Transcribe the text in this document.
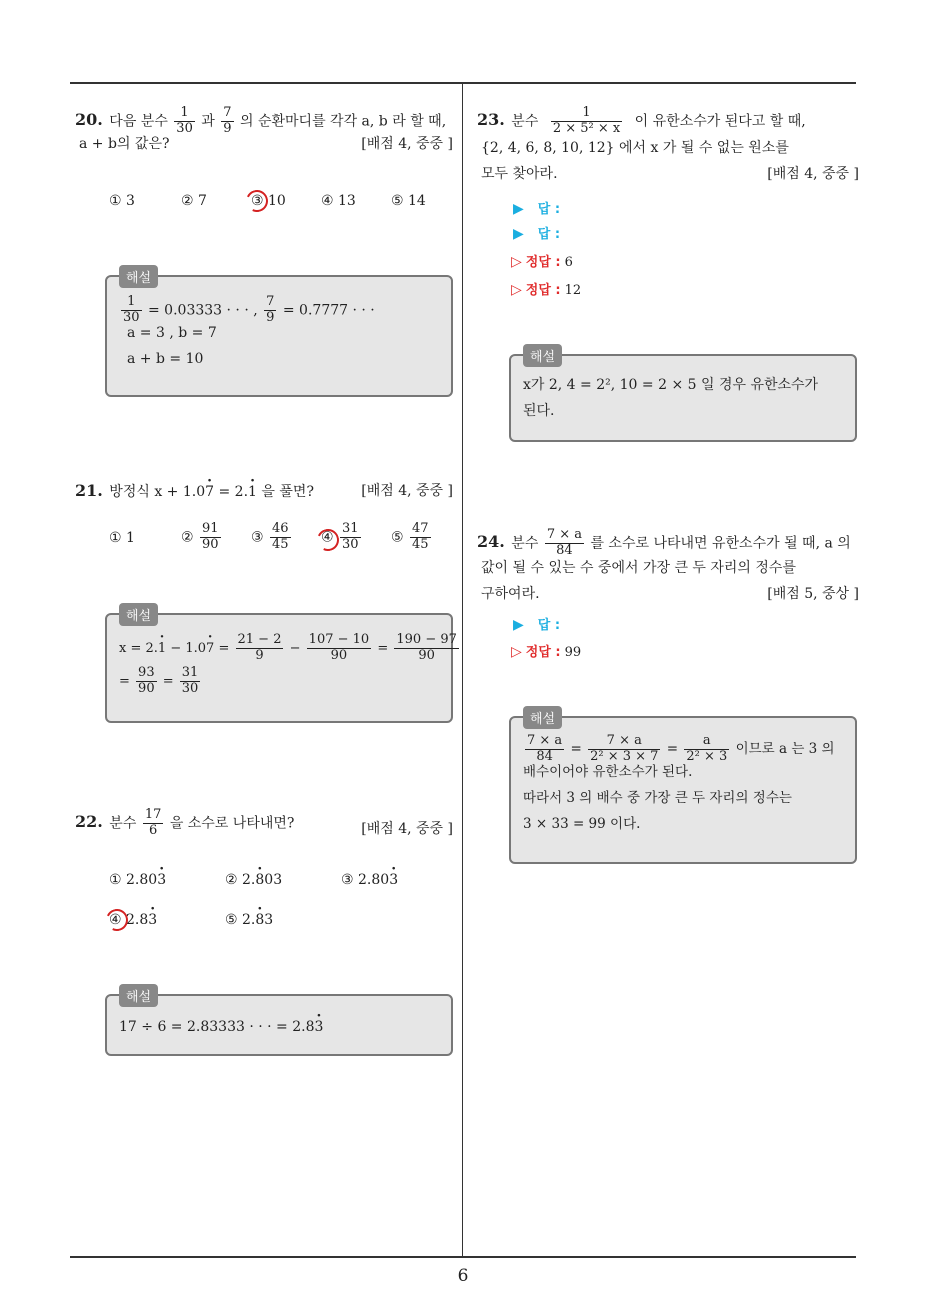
6
20. 다음 분수 $\frac{1}{30}$ 과 $\frac{7}{9}$ 의 순환마디를 각각 a, b 라 할 때,
a + b의 값은?	[배점 4, 중중 ]
① 3	② 7	③ 10	④ 13	⑤ 14
해설
$\frac{1}{30} = 0.03333$ · · · , $\frac{7}{9} = 0.7777$ · · ·
a = 3 , b = 7
a + b = 10
21. 방정식 x + 1.0· 7 = 2.· 1 을 풀면?	[배점 4, 중중 ]
① 1	② $\frac{91}{90}$ ③ $\frac{46}{45}$ ④ $\frac{31}{30}$ ⑤ $\frac{47}{45}$
해설
$x = 2.\cdot 1 - 1.0\cdot 7 = \frac{21 - 2}{9} - \frac{107 - 10}{90} = \frac{190 - 97}{90}$
= $\frac{93}{90} = \frac{31}{30}$
22. 분수 $\frac{17}{6}$ 을 소수로 나타내면?	[배점 4, 중중 ]
① 2.80· 3	② 2.· 803	③ 2.80· 3
④ 2.8· 3	⑤ 2.· 83
해설
17 ÷ 6 = 2.83333 · · · = 2.8· 3
23. 분수 $\frac{1}{\text{2 × 5² × x}}$ 이 유한소수가 된다고 할 때,
{2, 4, 6, 8, 10, 12} 에서 x 가 될 수 없는 원소를
모두 찾아라.	[배점 4, 중중 ]
▶ 답 :
▶ 답 :
▷ 정답 : 6
▷ 정답 : 12
해설
x가 2, 4 = 2², 10 = 2 × 5 일 경우 유한소수가
된다.
24. 분수 $\frac{7 \times a}{84}$ 를 소수로 나타내면 유한소수가 될 때, a 의
값이 될 수 있는 수 중에서 가장 큰 두 자리의 정수를
구하여라.	[배점 5, 중상 ]
▶ 답 :
▷ 정답 : 99
해설
$\frac{7 \times a}{84} = \frac{7 \times a}{\text{2² × 3 × 7}} = \frac{a}{\text{2² × 3}}$ 이므로 a 는 3 의
배수이어야 유한소수가 된다.
따라서 3 의 배수 중 가장 큰 두 자리의 정수는
3 × 33 = 99 이다.
